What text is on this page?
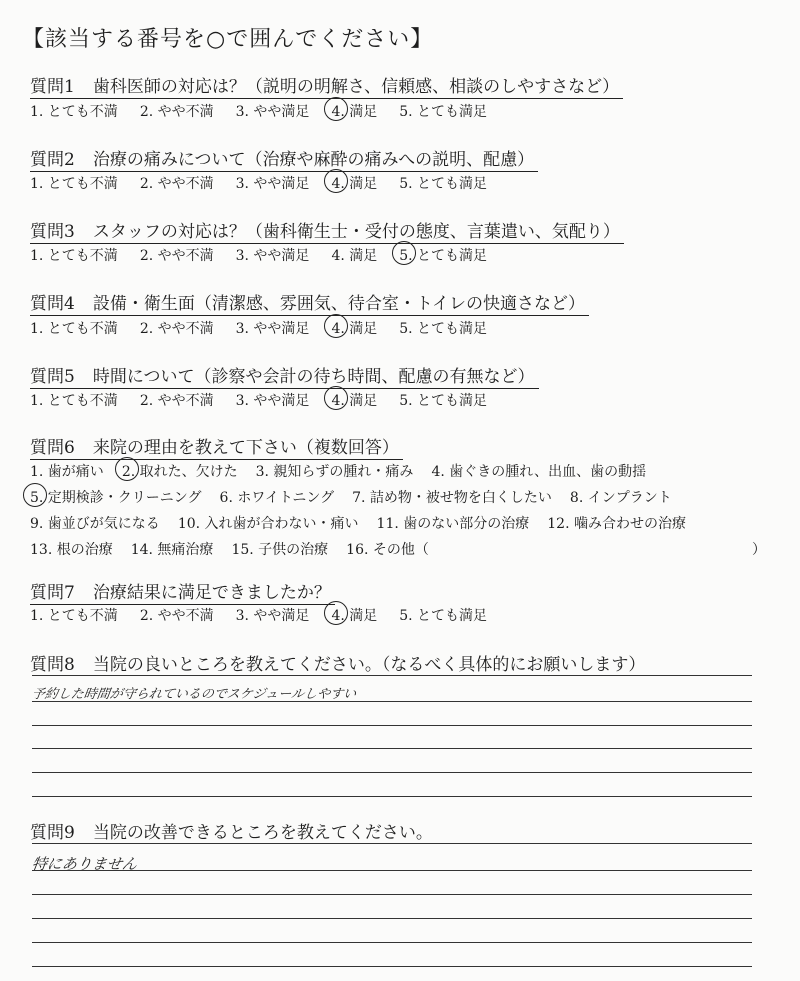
【該当する番号を○で囲んでください】
質問1 歯科医師の対応は？（説明の明解さ、信頼感、相談のしやすさなど）
1. とても不満 2. やや不満 3. やや満足 4. 満足 5. とても満足
質問2 治療の痛みについて（治療や麻酔の痛みへの説明、配慮）
1. とても不満 2. やや不満 3. やや満足 4. 満足 5. とても満足
質問3 スタッフの対応は？（歯科衛生士・受付の態度、言葉遣い、気配り）
1. とても不満 2. やや不満 3. やや満足 4. 満足 5. とても満足
質問4 設備・衛生面（清潔感、雰囲気、待合室・トイレの快適さなど）
1. とても不満 2. やや不満 3. やや満足 4. 満足 5. とても満足
質問5 時間について（診察や会計の待ち時間、配慮の有無など）
1. とても不満 2. やや不満 3. やや満足 4. 満足 5. とても満足
質問6 来院の理由を教えて下さい（複数回答）
1. 歯が痛い 2. 取れた、欠けた 3. 親知らずの腫れ・痛み 4. 歯ぐきの腫れ、出血、歯の動揺
5. 定期検診・クリーニング 6. ホワイトニング 7. 詰め物・被せ物を白くしたい 8. インプラント
9. 歯並びが気になる 10. 入れ歯が合わない・痛い 11. 歯のない部分の治療 12. 噛み合わせの治療
13. 根の治療 14. 無痛治療 15. 子供の治療 16. その他（	）
質問7 治療結果に満足できましたか？
1. とても不満 2. やや不満 3. やや満足 4. 満足 5. とても満足
質問8 当院の良いところを教えてください。（なるべく具体的にお願いします）
予約した時間が守られているのでスケジュールしやすい
質問9 当院の改善できるところを教えてください。
特にありません
